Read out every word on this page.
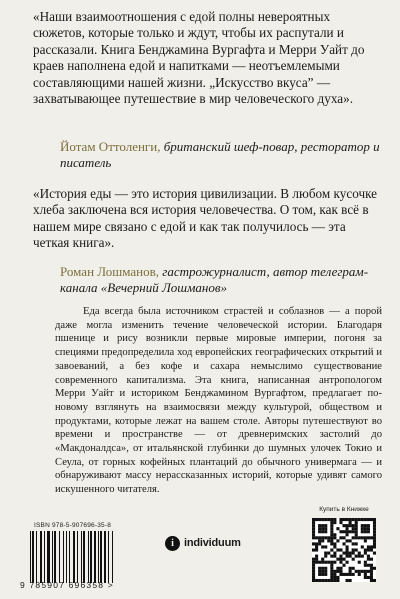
«Наши взаимоотношения с едой полны невероятных сюжетов, которые только и ждут, чтобы их распутали и рассказали. Книга Бенджамина Вургафта и Мерри Уайт до краев наполнена едой и напитками — неотъемлемыми составляющими нашей жизни. „Искусство вкуса” — захватывающее путешествие в мир человеческого духа».

Йотам Оттоленги, британский шеф-повар, ресторатор и писатель

«История еды — это история цивилизации. В любом кусочке хлеба заключена вся история человечества. О том, как всё в нашем мире связано с едой и как так получилось — эта четкая книга».

Роман Лошманов, гастрожурналист, автор телеграм-канала «Вечерний Лошманов»

Еда всегда была источником страстей и соблазнов — а порой даже могла изменить течение человеческой истории. Благодаря пшенице и рису возникли первые мировые империи, погоня за специями предопределила ход европейских географических открытий и завоеваний, а без кофе и сахара немыслимо существование современного капитализма. Эта книга, написанная антропологом Мерри Уайт и историком Бенджамином Вургафтом, предлагает по-новому взглянуть на взаимосвязи между культурой, обществом и продуктами, которые лежат на вашем столе. Авторы путешествуют во времени и пространстве — от древнеримских застолий до «Макдоналдса», от итальянской глубинки до шумных улочек Токио и Сеула, от горных кофейных плантаций до обычного универмага — и обнаруживают массу нерассказанных историй, которые удивят самого искушенного читателя.

ISBN 978-5-907696-35-8
9 785907 696358 >
i individuum
Купить в Книжке
